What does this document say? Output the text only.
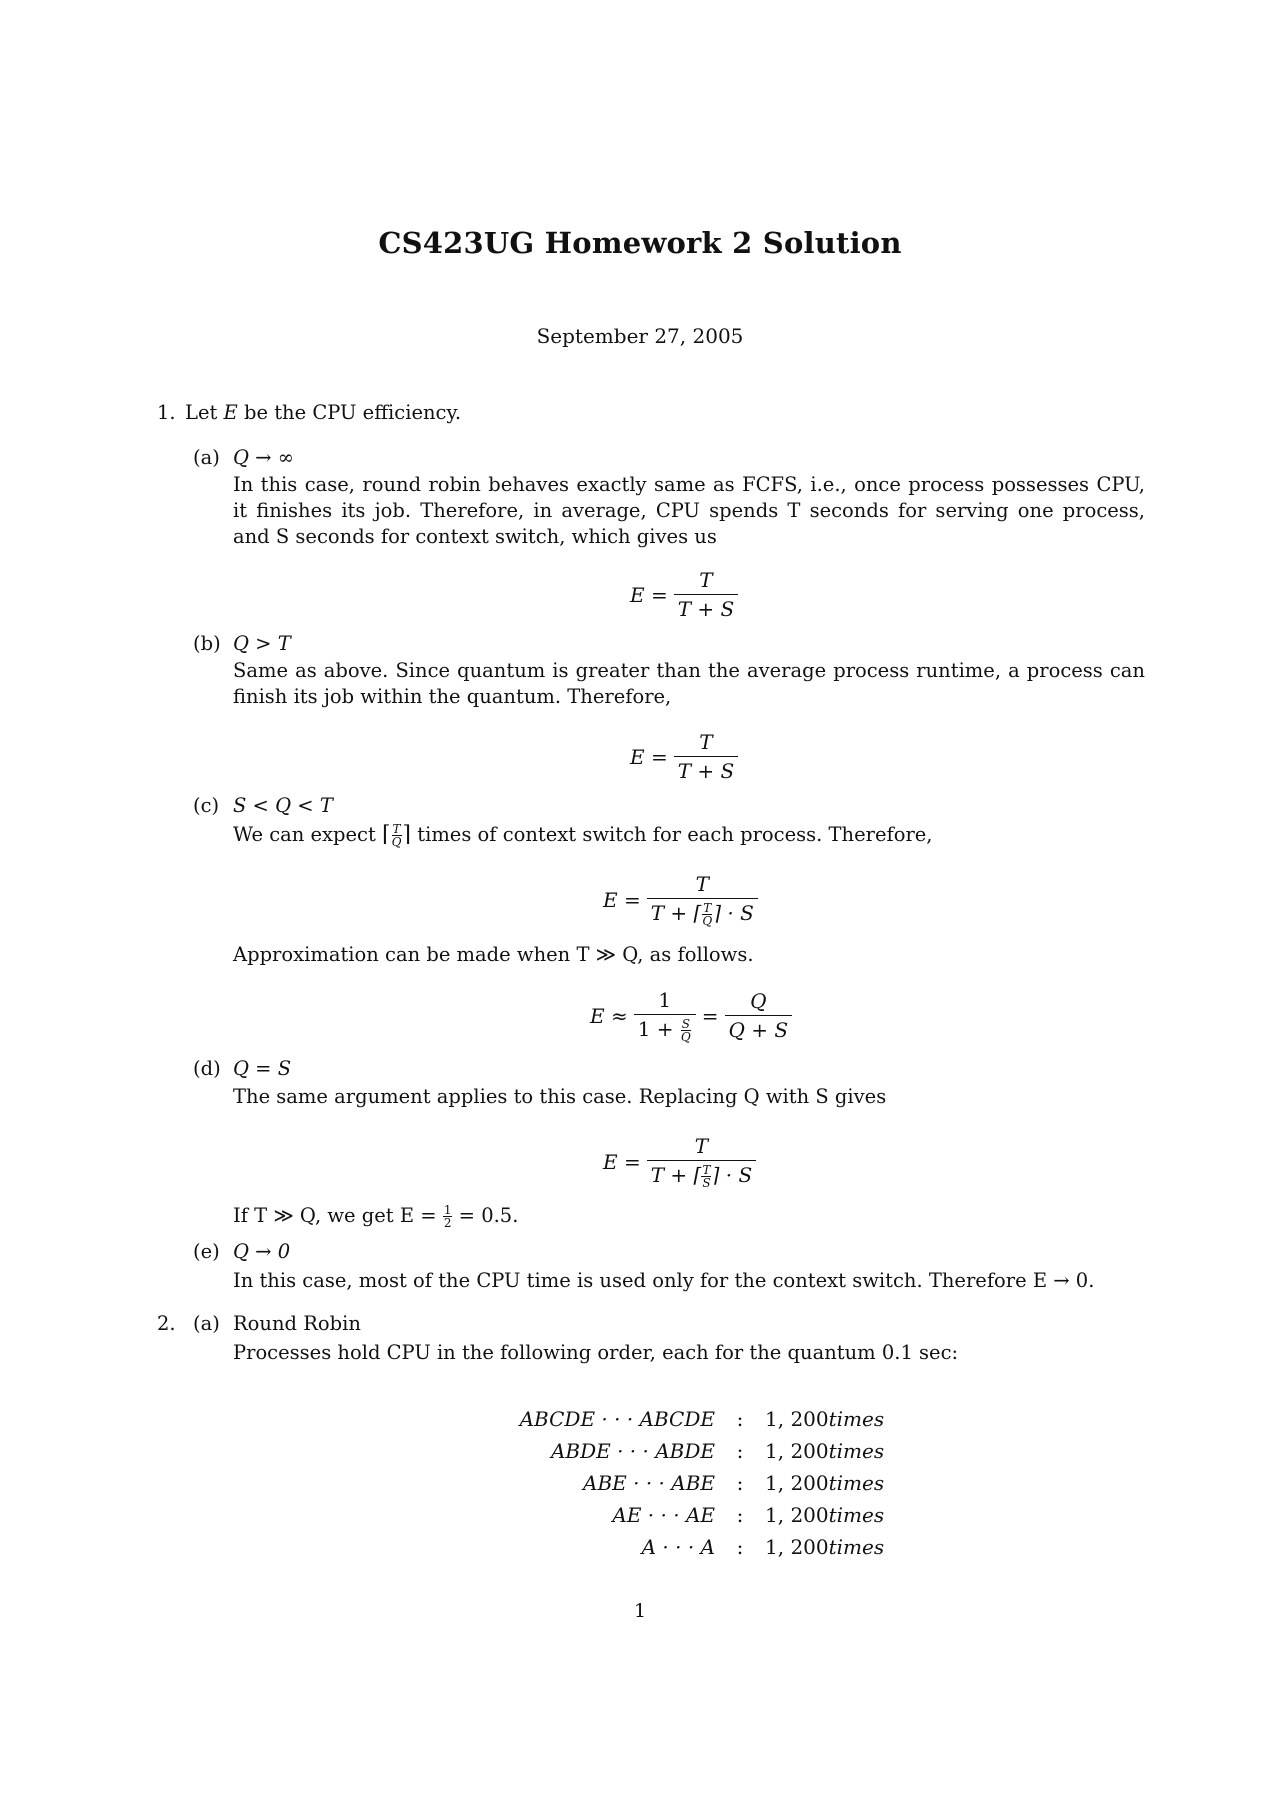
CS423UG Homework 2 Solution
September 27, 2005
1. Let E be the CPU efficiency.
(a) Q → ∞
In this case, round robin behaves exactly same as FCFS, i.e., once process possesses CPU, it finishes its job. Therefore, in average, CPU spends T seconds for serving one process, and S seconds for context switch, which gives us
$E = \frac{T}{T + S}$
(b) Q > T
Same as above. Since quantum is greater than the average process runtime, a process can finish its job within the quantum. Therefore,
$E = \frac{T}{T + S}$
(c) S < Q < T
We can expect ⌈ $\frac{T}{Q}$ ⌉ times of context switch for each process. Therefore,
$E = \frac{T}{T + ⌈ \frac{T}{Q} ⌉ \cdot S}$
Approximation can be made when T ≫ Q, as follows.
$E \approx \frac{1}{1 + \frac{S}{Q}} = \frac{Q}{Q + S}$
(d) Q = S
The same argument applies to this case. Replacing Q with S gives
$E = \frac{T}{T + ⌈ \frac{T}{S} ⌉ \cdot S}$
If T ≫ Q, we get $E = \frac{1}{2} = 0.5$.
(e) Q → 0
In this case, most of the CPU time is used only for the context switch. Therefore E → 0.
2. (a) Round Robin
Processes hold CPU in the following order, each for the quantum 0.1 sec:
ABCDE · · · ABCDE	:	1, 200times
ABDE · · · ABDE	:	1, 200times
ABE · · · ABE	:	1, 200times
AE · · · AE	:	1, 200times
A · · · A	:	1, 200times
1
